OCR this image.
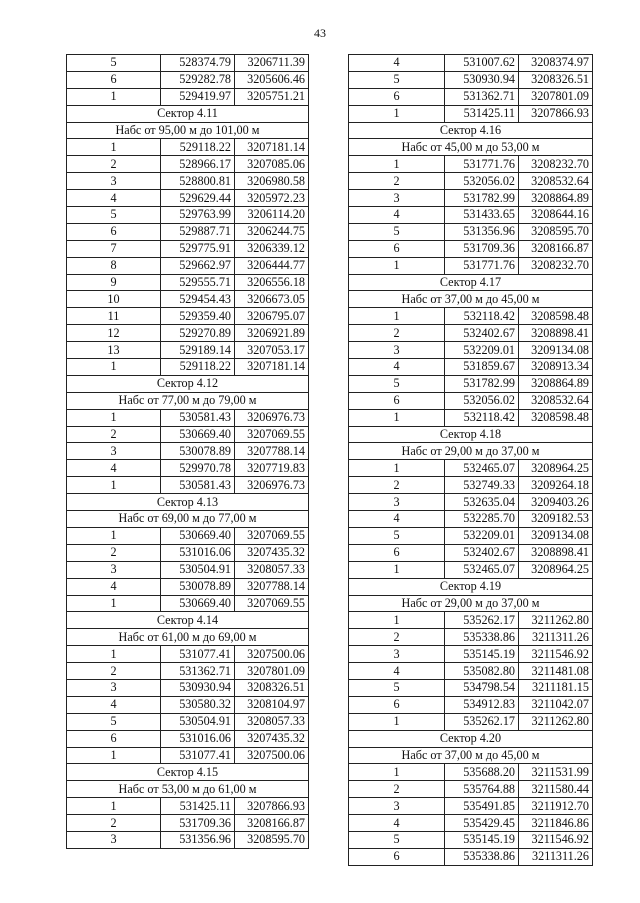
43
5	528374.79	3206711.39
6	529282.78	3205606.46
1	529419.97	3205751.21
Сектор 4.11		
Набс от 95,00 м до 101,00 м		
1	529118.22	3207181.14
2	528966.17	3207085.06
3	528800.81	3206980.58
4	529629.44	3205972.23
5	529763.99	3206114.20
6	529887.71	3206244.75
7	529775.91	3206339.12
8	529662.97	3206444.77
9	529555.71	3206556.18
10	529454.43	3206673.05
11	529359.40	3206795.07
12	529270.89	3206921.89
13	529189.14	3207053.17
1	529118.22	3207181.14
Сектор 4.12		
Набс от 77,00 м до 79,00 м		
1	530581.43	3206976.73
2	530669.40	3207069.55
3	530078.89	3207788.14
4	529970.78	3207719.83
1	530581.43	3206976.73
Сектор 4.13		
Набс от 69,00 м до 77,00 м		
1	530669.40	3207069.55
2	531016.06	3207435.32
3	530504.91	3208057.33
4	530078.89	3207788.14
1	530669.40	3207069.55
Сектор 4.14		
Набс от 61,00 м до 69,00 м		
1	531077.41	3207500.06
2	531362.71	3207801.09
3	530930.94	3208326.51
4	530580.32	3208104.97
5	530504.91	3208057.33
6	531016.06	3207435.32
1	531077.41	3207500.06
Сектор 4.15		
Набс от 53,00 м до 61,00 м		
1	531425.11	3207866.93
2	531709.36	3208166.87
3	531356.96	3208595.70
4	531007.62	3208374.97
5	530930.94	3208326.51
6	531362.71	3207801.09
1	531425.11	3207866.93
Сектор 4.16		
Набс от 45,00 м до 53,00 м		
1	531771.76	3208232.70
2	532056.02	3208532.64
3	531782.99	3208864.89
4	531433.65	3208644.16
5	531356.96	3208595.70
6	531709.36	3208166.87
1	531771.76	3208232.70
Сектор 4.17		
Набс от 37,00 м до 45,00 м		
1	532118.42	3208598.48
2	532402.67	3208898.41
3	532209.01	3209134.08
4	531859.67	3208913.34
5	531782.99	3208864.89
6	532056.02	3208532.64
1	532118.42	3208598.48
Сектор 4.18		
Набс от 29,00 м до 37,00 м		
1	532465.07	3208964.25
2	532749.33	3209264.18
3	532635.04	3209403.26
4	532285.70	3209182.53
5	532209.01	3209134.08
6	532402.67	3208898.41
1	532465.07	3208964.25
Сектор 4.19		
Набс от 29,00 м до 37,00 м		
1	535262.17	3211262.80
2	535338.86	3211311.26
3	535145.19	3211546.92
4	535082.80	3211481.08
5	534798.54	3211181.15
6	534912.83	3211042.07
1	535262.17	3211262.80
Сектор 4.20		
Набс от 37,00 м до 45,00 м		
1	535688.20	3211531.99
2	535764.88	3211580.44
3	535491.85	3211912.70
4	535429.45	3211846.86
5	535145.19	3211546.92
6	535338.86	3211311.26
